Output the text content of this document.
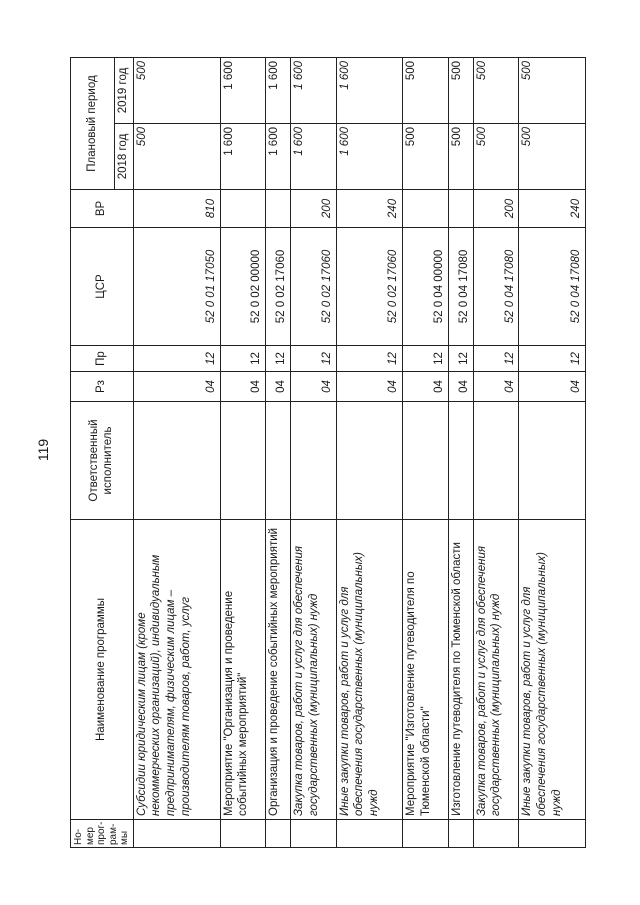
119
Но-
мер
прог-
рам-
мы	Наименование программы	Ответственный исполнитель	Рз	Пр	ЦСР	ВР	Плановый период	
							2018 год	2019 год
	Субсидии юридическим лицам (кроме некоммерческих организаций), индивидуальным предпринимателям, физическим лицам – производителям товаров, работ, услуг		04	12	52 0 01 17050	810	500	500
	Мероприятие "Организация и проведение событийных мероприятий"		04	12	52 0 02 00000		1 600	1 600
	Организация и проведение событийных мероприятий		04	12	52 0 02 17060		1 600	1 600
	Закупка товаров, работ и услуг для обеспечения государственных (муниципальных) нужд		04	12	52 0 02 17060	200	1 600	1 600
	Иные закупки товаров, работ и услуг для обеспечения государственных (муниципальных) нужд		04	12	52 0 02 17060	240	1 600	1 600
	Мероприятие "Изготовление путеводителя по Тюменской области"		04	12	52 0 04 00000		500	500
	Изготовление путеводителя по Тюменской области		04	12	52 0 04 17080		500	500
	Закупка товаров, работ и услуг для обеспечения государственных (муниципальных) нужд		04	12	52 0 04 17080	200	500	500
	Иные закупки товаров, работ и услуг для обеспечения государственных (муниципальных) нужд		04	12	52 0 04 17080	240	500	500
